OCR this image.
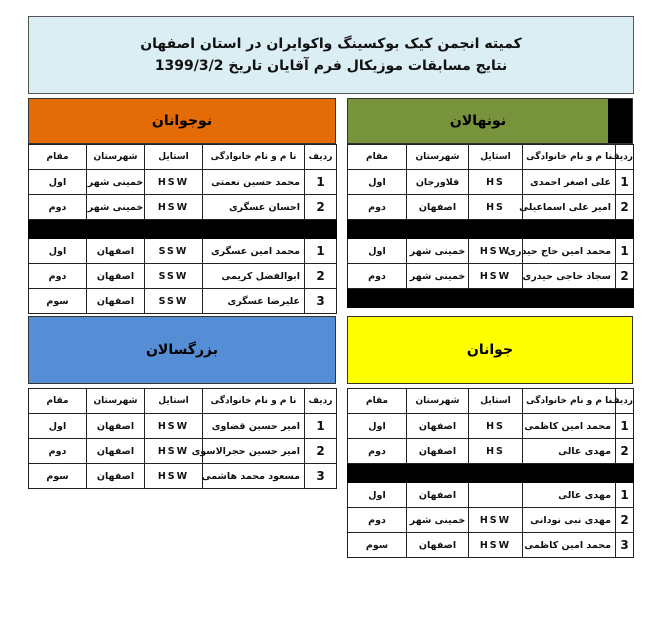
کمیته انجمن کیک بوکسینگ واکوایران در استان اصفهان
نتایج مسابقات موزیکال فرم آقایان تاریخ 1399/3/2
نونهالان
نوجوانان
ردیف	نا م و نام خانوادگی	استایل	شهرستان	مقام
1	علی اصغر احمدی	HS	فلاورجان	اول
2	امیر علی اسماعیلی	HS	اصفهان	دوم

1	محمد امین حاج حیدری	HSW	خمینی شهر	اول
2	سجاد حاجی حیدری	HSW	خمینی شهر	دوم

ردیف	نا م و نام خانوادگی	استایل	شهرستان	مقام
1	محمد حسین نعمتی	HSW	خمینی شهر	اول
2	احسان عسگری	HSW	خمینی شهر	دوم

1	محمد امین عسگری	SSW	اصفهان	اول
2	ابوالفضل کریمی	SSW	اصفهان	دوم
3	علیرضا عسگری	SSW	اصفهان	سوم
بزرگسالان	جوانان
ردیف	نا م و نام خانوادگی	استایل	شهرستان	مقام
1	امیر حسین قضاوی	HSW	اصفهان	اول
2	امیر حسین حجرالاسوی	HSW	اصفهان	دوم
3	مسعود محمد هاشمی	HSW	اصفهان	سوم
ردیف	نا م و نام خانوادگی	استایل	شهرستان	مقام
1	محمد امین کاظمی	HS	اصفهان	اول
2	مهدی عالی	HS	اصفهان	دوم

1	مهدی عالی		اصفهان	اول
2	مهدی نبی نودانی	HSW	خمینی شهر	دوم
3	محمد امین کاظمی	HSW	اصفهان	سوم
